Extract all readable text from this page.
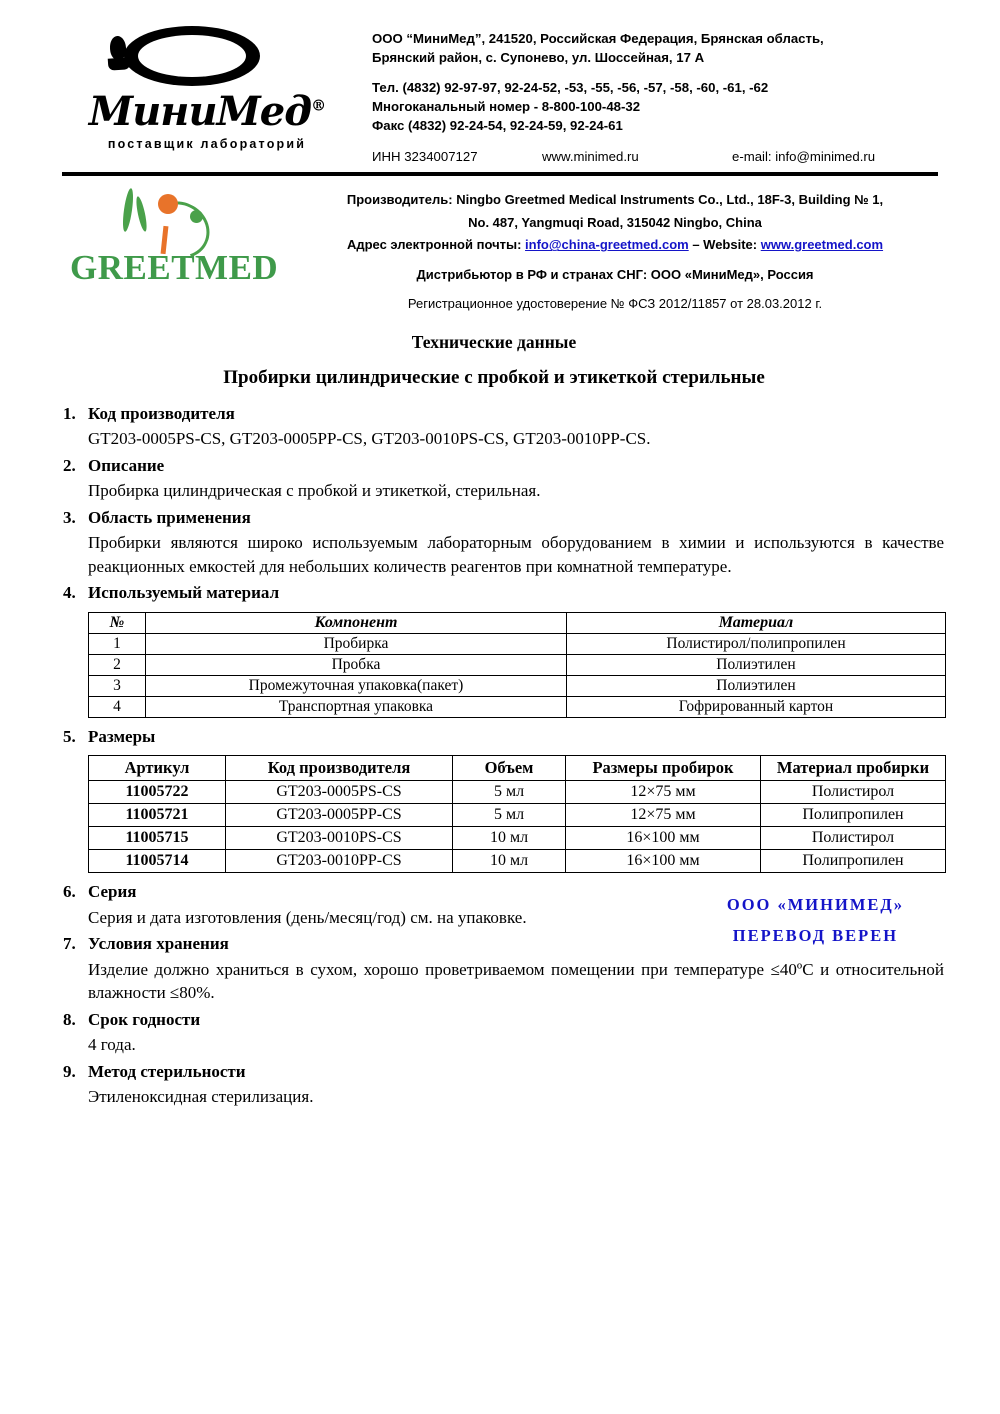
МиниМед®
поставщик лабораторий
ООО “МиниМед”, 241520, Российская Федерация, Брянская область,
Брянский район, с. Супонево, ул. Шоссейная, 17 А
Тел. (4832) 92-97-97, 92-24-52, -53, -55, -56, -57, -58, -60, -61, -62
Многоканальный номер - 8-800-100-48-32
Факс (4832) 92-24-54, 92-24-59, 92-24-61
ИНН 3234007127	www.minimed.ru	e-mail: info@minimed.ru
GREETMED
Производитель: Ningbo Greetmed Medical Instruments Co., Ltd., 18F-3, Building № 1,
No. 487, Yangmuqi Road, 315042 Ningbo, China
Адрес электронной почты: info@china-greetmed.com – Website: www.greetmed.com
Дистрибьютор в РФ и странах СНГ: ООО «МиниМед», Россия
Регистрационное удостоверение № ФСЗ 2012/11857 от 28.03.2012 г.
Технические данные
Пробирки цилиндрические с пробкой и этикеткой стерильные
1. Код производителя
GT203-0005PS-CS, GT203-0005PP-CS, GT203-0010PS-CS, GT203-0010PP-CS.
2. Описание
Пробирка цилиндрическая с пробкой и этикеткой, стерильная.
3. Область применения
Пробирки являются широко используемым лабораторным оборудованием в химии и используются в качестве реакционных емкостей для небольших количеств реагентов при комнатной температуре.
4. Используемый материал
№	Компонент	Материал
1	Пробирка	Полистирол/полипропилен
2	Пробка	Полиэтилен
3	Промежуточная упаковка(пакет)	Полиэтилен
4	Транспортная упаковка	Гофрированный картон
5. Размеры
Артикул	Код производителя	Объем	Размеры пробирок	Материал пробирки
11005722	GT203-0005PS-CS	5 мл	12×75 мм	Полистирол
11005721	GT203-0005PP-CS	5 мл	12×75 мм	Полипропилен
11005715	GT203-0010PS-CS	10 мл	16×100 мм	Полистирол
11005714	GT203-0010PP-CS	10 мл	16×100 мм	Полипропилен
6. Серия
Серия и дата изготовления (день/месяц/год) см. на упаковке.
7. Условия хранения
Изделие должно храниться в сухом, хорошо проветриваемом помещении при температуре ≤40ºС и относительной влажности ≤80%.
8. Срок годности
4 года.
9. Метод стерильности
Этиленоксидная стерилизация.
ООО «МИНИМЕД»
ПЕРЕВОД ВЕРЕН
